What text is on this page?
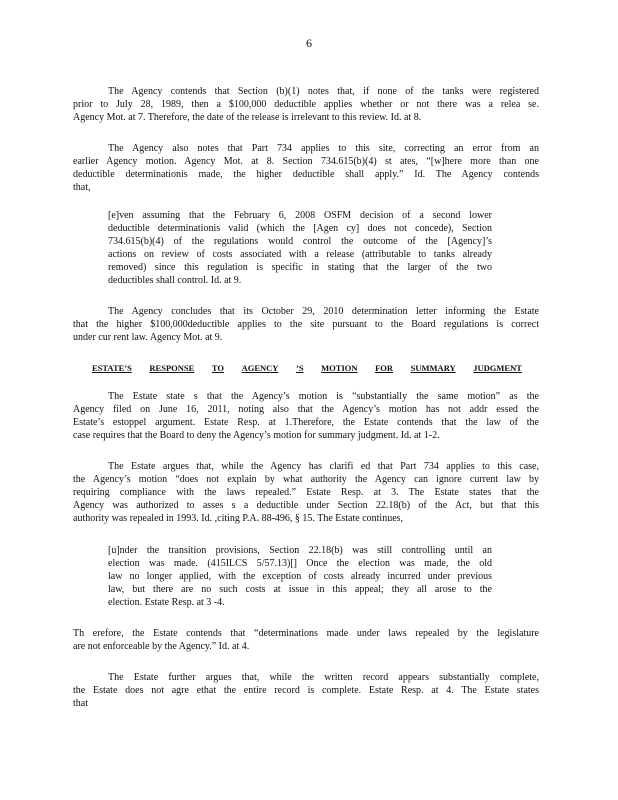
6
The Agency contends that Section (b)(1) notes that, if none of the tanks were registered
prior to July 28, 1989, then a $100,000 deductible applies whether or not there was a relea se.
Agency Mot. at 7. Therefore, the date of the release is irrelevant to this review. Id. at 8.
The Agency also notes that Part 734 applies to this site, correcting an error from an
earlier Agency motion. Agency Mot. at 8. Section 734.615(b)(4) st ates, “[w]here more than one
deductible determinationis made, the higher deductible shall apply.” Id. The Agency contends
that,
[e]ven assuming that the February 6, 2008 OSFM decision of a second lower
deductible determinationis valid (which the [Agen cy] does not concede), Section
734.615(b)(4) of the regulations would control the outcome of the [Agency]’s
actions on review of costs associated with a release (attributable to tanks already
removed) since this regulation is specific in stating that the larger of the two
deductibles shall control. Id. at 9.
The Agency concludes that its October 29, 2010 determination letter informing the Estate
that the higher $100,000deductible applies to the site pursuant to the Board regulations is correct
under cur rent law. Agency Mot. at 9.
ESTATE’S RESPONSE TO AGENCY ’S MOTION FOR SUMMARY JUDGMENT
The Estate state s that the Agency’s motion is “substantially the same motion” as the
Agency filed on June 16, 2011, noting also that the Agency’s motion has not addr essed the
Estate’s estoppel argument. Estate Resp. at 1.Therefore, the Estate contends that the law of the
case requires that the Board to deny the Agency’s motion for summary judgment. Id. at 1-2.
The Estate argues that, while the Agency has clarifi ed that Part 734 applies to this case,
the Agency’s motion “does not explain by what authority the Agency can ignore current law by
requiring compliance with the laws repealed.” Estate Resp. at 3. The Estate states that the
Agency was authorized to asses s a deductible under Section 22.18(b) of the Act, but that this
authority was repealed in 1993. Id. ,citing P.A. 88-496, § 15. The Estate continues,
[u]nder the transition provisions, Section 22.18(b) was still controlling until an
election was made. (415ILCS 5/57.13)[] Once the election was made, the old
law no longer applied, with the exception of costs already incurred under previous
law, but there are no such costs at issue in this appeal; they all arose to the
election. Estate Resp. at 3 -4.
Th erefore, the Estate contends that “determinations made under laws repealed by the legislature
are not enforceable by the Agency.” Id. at 4.
The Estate further argues that, while the written record appears substantially complete,
the Estate does not agre ethat the entire record is complete. Estate Resp. at 4. The Estate states
that
